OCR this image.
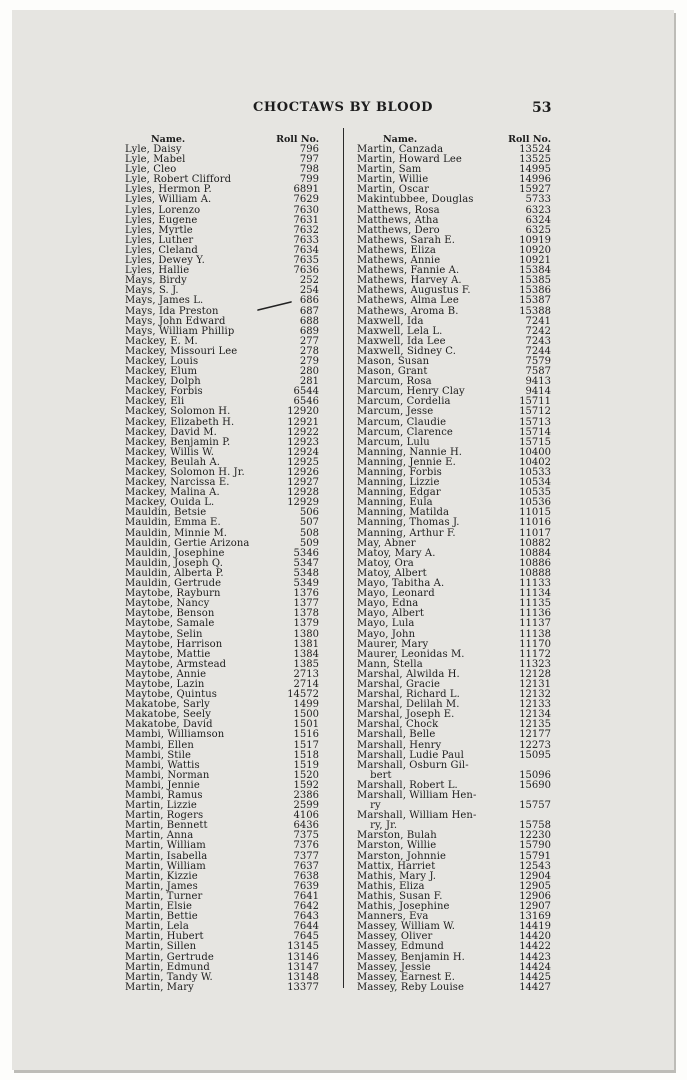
CHOCTAWS BY BLOOD	53
Name.	Roll No.
Lyle, Daisy	796
Lyle, Mabel	797
Lyle, Cleo	798
Lyle, Robert Clifford	799
Lyles, Hermon P.	6891
Lyles, William A.	7629
Lyles, Lorenzo	7630
Lyles, Eugene	7631
Lyles, Myrtle	7632
Lyles, Luther	7633
Lyles, Cleland	7634
Lyles, Dewey Y.	7635
Lyles, Hallie	7636
Mays, Birdy	252
Mays, S. J.	254
Mays, James L.	686
Mays, Ida Preston	687
Mays, John Edward	688
Mays, William Phillip	689
Mackey, E. M.	277
Mackey, Missouri Lee	278
Mackey, Louis	279
Mackey, Elum	280
Mackey, Dolph	281
Mackey, Forbis	6544
Mackey, Eli	6546
Mackey, Solomon H.	12920
Mackey, Elizabeth H.	12921
Mackey, David M.	12922
Mackey, Benjamin P.	12923
Mackey, Willis W.	12924
Mackey, Beulah A.	12925
Mackey, Solomon H. Jr.	12926
Mackey, Narcissa E.	12927
Mackey, Malina A.	12928
Mackey, Ouida L.	12929
Mauldin, Betsie	506
Mauldin, Emma E.	507
Mauldin, Minnie M.	508
Mauldin, Gertie Arizona	509
Mauldin, Josephine	5346
Mauldin, Joseph Q.	5347
Mauldin, Alberta P.	5348
Mauldin, Gertrude	5349
Maytobe, Rayburn	1376
Maytobe, Nancy	1377
Maytobe, Benson	1378
Maytobe, Samale	1379
Maytobe, Selin	1380
Maytobe, Harrison	1381
Maytobe, Mattie	1384
Maytobe, Armstead	1385
Maytobe, Annie	2713
Maytobe, Lazin	2714
Maytobe, Quintus	14572
Makatobe, Sarly	1499
Makatobe, Seely	1500
Makatobe, David	1501
Mambi, Williamson	1516
Mambi, Ellen	1517
Mambi, Stile	1518
Mambi, Wattis	1519
Mambi, Norman	1520
Mambi, Jennie	1592
Mambi, Ramus	2386
Martin, Lizzie	2599
Martin, Rogers	4106
Martin, Bennett	6436
Martin, Anna	7375
Martin, William	7376
Martin, Isabella	7377
Martin, William	7637
Martin, Kizzie	7638
Martin, James	7639
Martin, Turner	7641
Martin, Elsie	7642
Martin, Bettie	7643
Martin, Lela	7644
Martin, Hubert	7645
Martin, Sillen	13145
Martin, Gertrude	13146
Martin, Edmund	13147
Martin, Tandy W.	13148
Martin, Mary	13377
Name.	Roll No.
Martin, Canzada	13524
Martin, Howard Lee	13525
Martin, Sam	14995
Martin, Willie	14996
Martin, Oscar	15927
Makintubbee, Douglas	5733
Matthews, Rosa	6323
Matthews, Atha	6324
Matthews, Dero	6325
Mathews, Sarah E.	10919
Mathews, Eliza	10920
Mathews, Annie	10921
Mathews, Fannie A.	15384
Mathews, Harvey A.	15385
Mathews, Augustus F.	15386
Mathews, Alma Lee	15387
Mathews, Aroma B.	15388
Maxwell, Ida	7241
Maxwell, Lela L.	7242
Maxwell, Ida Lee	7243
Maxwell, Sidney C.	7244
Mason, Susan	7579
Mason, Grant	7587
Marcum, Rosa	9413
Marcum, Henry Clay	9414
Marcum, Cordelia	15711
Marcum, Jesse	15712
Marcum, Claudie	15713
Marcum, Clarence	15714
Marcum, Lulu	15715
Manning, Nannie H.	10400
Manning, Jennie E.	10402
Manning, Forbis	10533
Manning, Lizzie	10534
Manning, Edgar	10535
Manning, Eula	10536
Manning, Matilda	11015
Manning, Thomas J.	11016
Manning, Arthur F.	11017
May, Abner	10882
Matoy, Mary A.	10884
Matoy, Ora	10886
Matoy, Albert	10888
Mayo, Tabitha A.	11133
Mayo, Leonard	11134
Mayo, Edna	11135
Mayo, Albert	11136
Mayo, Lula	11137
Mayo, John	11138
Maurer, Mary	11170
Maurer, Leonidas M.	11172
Mann, Stella	11323
Marshal, Alwilda H.	12128
Marshal, Gracie	12131
Marshal, Richard L.	12132
Marshal, Delilah M.	12133
Marshal, Joseph E.	12134
Marshal, Chock	12135
Marshall, Belle	12177
Marshall, Henry	12273
Marshall, Ludie Paul	15095
Marshall, Osburn Gil-
bert	15096
Marshall, Robert L.	15690
Marshall, William Hen-
ry	15757
Marshall, William Hen-
ry, Jr.	15758
Marston, Bulah	12230
Marston, Willie	15790
Marston, Johnnie	15791
Mattix, Harriet	12543
Mathis, Mary J.	12904
Mathis, Eliza	12905
Mathis, Susan F.	12906
Mathis, Josephine	12907
Manners, Eva	13169
Massey, William W.	14419
Massey, Oliver	14420
Massey, Edmund	14422
Massey, Benjamin H.	14423
Massey, Jessie	14424
Massey, Earnest E.	14425
Massey, Reby Louise	14427
